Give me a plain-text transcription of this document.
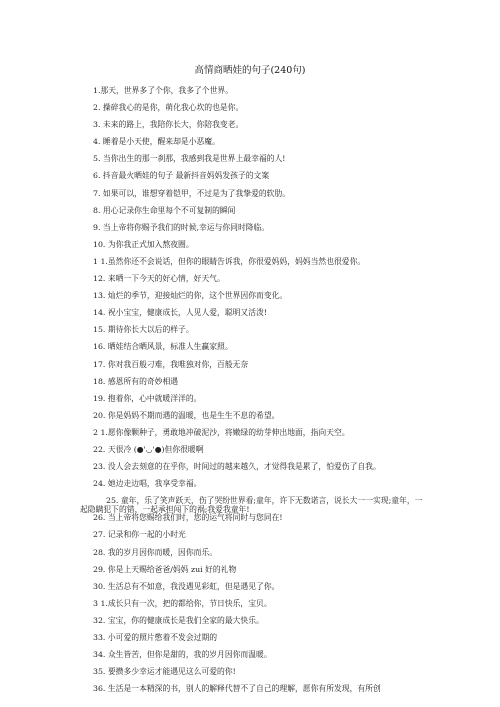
高情商晒娃的句子(240句)
1.那天，世界多了个你，我多了个世界。
2. 操碎我心的是你，萌化我心坎的也是你。
3. 未来的路上，我陪你长大，你陪我变老。
4. 睡着是小天使，醒来却是小恶魔。
5. 当你出生的那一刹那，我感到我是世界上最幸福的人!
6. 抖音最火晒娃的句子 最新抖音妈妈发孩子的文案
7. 如果可以，谁想穿着铠甲，不过是为了我挚爱的软肋。
8. 用心记录你生命里每个不可复制的瞬间
9. 当上帝将你赐予我们的时候,幸运与你同时降临。
10. 为你我正式加入熬夜圈。
1 1.虽然你还不会说话，但你的眼睛告诉我，你很爱妈妈，妈妈当然也很爱你。
12. 来哂一下今天的好心情，好天气。
13. 灿烂的季节，迎接灿烂的你，这个世界因你而变化。
14. 祝小宝宝，健康成长，人见人爱，聪明又活泼!
15. 期待你长大以后的样子。
16. 晒娃结合晒风景，标准人生赢家照。
17. 你对我百般刁难，我唯独对你，百般无奈
18. 感恩所有的奇妙相遇
19. 抱着你，心中就暖洋洋的。
20. 你是妈妈不期而遇的温暖，也是生生不息的希望。
2 1.愿你像颗种子，勇敢地冲破泥沙，将嫩绿的幼芽伸出地面，指向天空。
22. 天很冷 (●'◡'●)但你很暖啊
23. 没人会去刻意的在乎你，时间过的越来越久，才觉得我是累了，怕爱伤了自我。
24. 她边走边唱，我享受幸福。
25. 童年，乐了笑声跃天，伤了哭纷世界看;童年，许下无数诺言，说长大一一实现;童年，一起隐瞒犯下的错，一起承担闯下的祸;我爱我童年!
26. 当上帝将您赐给我们时，您的运气将同时与您同在!
27. 记录和你一起的小时光
28. 我的岁月因你而暖，因你而乐。
29. 你是上天赐给爸爸/妈妈 zui 好的礼物
30. 生活总有不如意，我没遇见彩虹，但是遇见了你。
3 1.成长只有一次，把的都给你，节日快乐，宝贝。
32. 宝宝，你的健康成长是我们全家的最大快乐。
33. 小可爱的照片憋着不发会过期的
34. 众生皆苦，但你是甜的，我的岁月因你而温暖。
35. 要攒多少幸运才能遇见这么可爱的你!
36. 生活是一本精深的书，别人的解释代替不了自己的理解，愿你有所发现，有所创
